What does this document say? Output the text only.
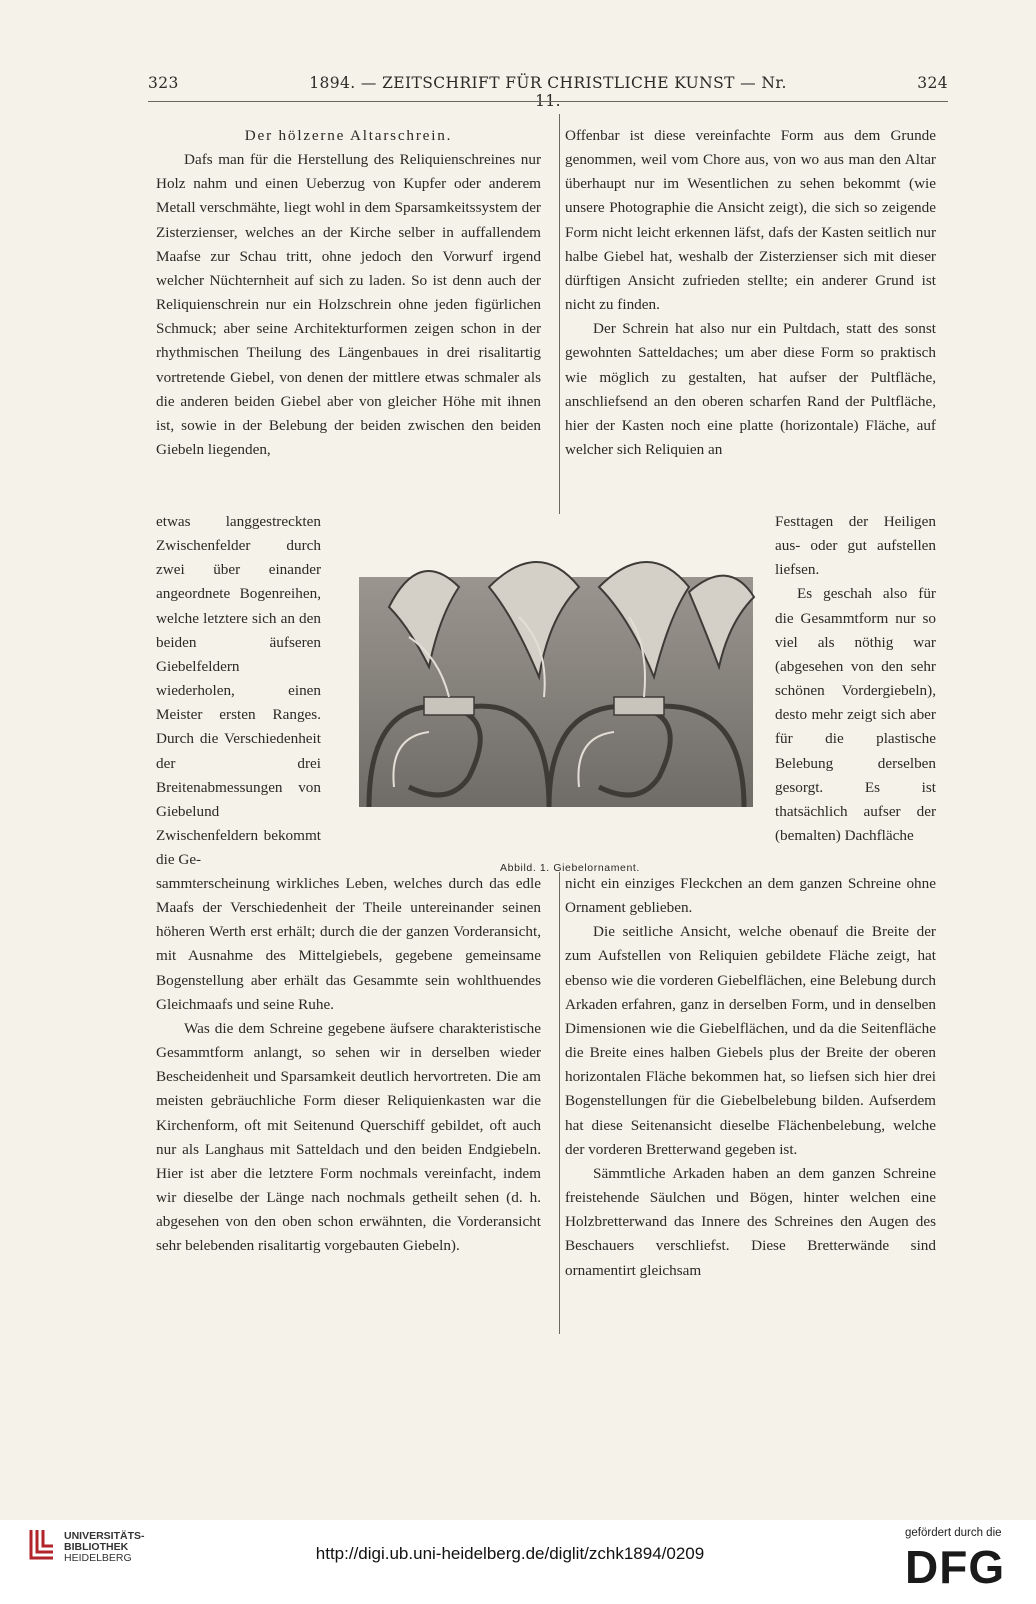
323	1894. — ZEITSCHRIFT FÜR CHRISTLICHE KUNST — Nr. 11.
324

Der hölzerne Altarschrein.

Dafs man für die Herstellung des Reliquienschreines nur Holz nahm und einen Ueberzug von Kupfer oder anderem Metall verschmähte, liegt wohl in dem Sparsamkeitssystem der Zisterzienser, welches an der Kirche selber in auffallendem Maafse zur Schau tritt, ohne jedoch den Vorwurf irgend welcher Nüchternheit auf sich zu laden. So ist denn auch der Reliquienschrein nur ein Holzschrein ohne jeden figürlichen Schmuck; aber seine Architekturformen zeigen schon in der rhythmischen Theilung des Längenbaues in drei risalitartig vortretende Giebel, von denen der mittlere etwas schmaler als die anderen beiden Giebel aber von gleicher Höhe mit ihnen ist, sowie in der Belebung der beiden zwischen den beiden Giebeln liegenden,

etwas langgestreckten Zwischenfelder durch zwei über einander angeordnete Bogenreihen, welche letztere sich an den beiden äufseren Giebelfeldern wiederholen, einen Meister ersten Ranges. Durch die Verschiedenheit der drei Breitenabmessungen von Giebelund Zwischenfeldern bekommt die Ge-

sammterscheinung wirkliches Leben, welches durch das edle Maafs der Verschiedenheit der Theile untereinander seinen höheren Werth erst erhält; durch die der ganzen Vorderansicht, mit Ausnahme des Mittelgiebels, gegebene gemeinsame Bogenstellung aber erhält das Gesammte sein wohlthuendes Gleichmaafs und seine Ruhe.

Was die dem Schreine gegebene äufsere charakteristische Gesammtform anlangt, so sehen wir in derselben wieder Bescheidenheit und Sparsamkeit deutlich hervortreten. Die am meisten gebräuchliche Form dieser Reliquienkasten war die Kirchenform, oft mit Seitenund Querschiff gebildet, oft auch nur als Langhaus mit Satteldach und den beiden Endgiebeln. Hier ist aber die letztere Form nochmals vereinfacht, indem wir dieselbe der Länge nach nochmals getheilt sehen (d. h. abgesehen von den oben schon erwähnten, die Vorderansicht sehr belebenden risalitartig vorgebauten Giebeln).

Offenbar ist diese vereinfachte Form aus dem Grunde genommen, weil vom Chore aus, von wo aus man den Altar überhaupt nur im Wesentlichen zu sehen bekommt (wie unsere Photographie die Ansicht zeigt), die sich so zeigende Form nicht leicht erkennen läfst, dafs der Kasten seitlich nur halbe Giebel hat, weshalb der Zisterzienser sich mit dieser dürftigen Ansicht zufrieden stellte; ein anderer Grund ist nicht zu finden.

Der Schrein hat also nur ein Pultdach, statt des sonst gewohnten Satteldaches; um aber diese Form so praktisch wie möglich zu gestalten, hat aufser der Pultfläche, anschliefsend an den oberen scharfen Rand der Pultfläche, hier der Kasten noch eine platte (horizontale) Fläche, auf welcher sich Reliquien an

Festtagen der Heiligen aus- oder gut aufstellen liefsen.

Es geschah also für die Gesammtform nur so viel als nöthig war (abgesehen von den sehr schönen Vordergiebeln), desto mehr zeigt sich aber für die plastische Belebung derselben gesorgt. Es ist thatsächlich aufser der (bemalten) Dachfläche

nicht ein einziges Fleckchen an dem ganzen Schreine ohne Ornament geblieben.

Die seitliche Ansicht, welche obenauf die Breite der zum Aufstellen von Reliquien gebildete Fläche zeigt, hat ebenso wie die vorderen Giebelflächen, eine Belebung durch Arkaden erfahren, ganz in derselben Form, und in denselben Dimensionen wie die Giebelflächen, und da die Seitenfläche die Breite eines halben Giebels plus der Breite der oberen horizontalen Fläche bekommen hat, so liefsen sich hier drei Bogenstellungen für die Giebelbelebung bilden. Aufserdem hat diese Seitenansicht dieselbe Flächenbelebung, welche der vorderen Bretterwand gegeben ist.

Sämmtliche Arkaden haben an dem ganzen Schreine freistehende Säulchen und Bögen, hinter welchen eine Holzbretterwand das Innere des Schreines den Augen des Beschauers verschliefst. Diese Bretterwände sind ornamentirt gleichsam

Abbild. 1. Giebelornament.
UNIVERSITÄTS-
BIBLIOTHEK
HEIDELBERG	http://digi.ub.uni-heidelberg.de/diglit/zchk1894/0209
gefördert durch die
DFG
